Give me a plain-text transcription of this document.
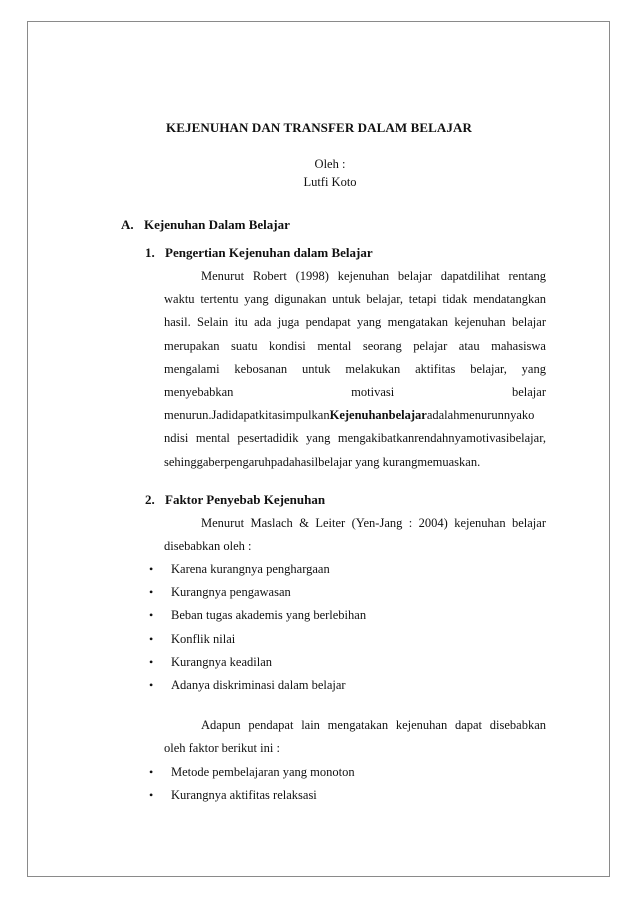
KEJENUHAN DAN TRANSFER DALAM BELAJAR
Oleh :
Lutfi Koto
A. Kejenuhan Dalam Belajar
1. Pengertian Kejenuhan dalam Belajar
Menurut Robert (1998) kejenuhan belajar dapatdilihat rentang
waktu tertentu yang digunakan untuk belajar, tetapi tidak mendatangkan
hasil. Selain itu ada juga pendapat yang mengatakan kejenuhan belajar
merupakan suatu kondisi mental seorang pelajar atau mahasiswa
mengalami kebosanan untuk melakukan aktifitas belajar, yang
menyebabkan motivasi belajar
menurun.JadidapatkitasimpulkanKejenuhanbelajaradalahmenurunnyako
ndisi mental pesertadidik yang mengakibatkanrendahnyamotivasibelajar,
sehinggaberpengaruhpadahasilbelajar yang kurangmemuaskan.
2. Faktor Penyebab Kejenuhan
Menurut Maslach & Leiter (Yen-Jang : 2004) kejenuhan belajar
disebabkan oleh :
•	Karena kurangnya penghargaan
•	Kurangnya pengawasan
•	Beban tugas akademis yang berlebihan
•	Konflik nilai
•	Kurangnya keadilan
•	Adanya diskriminasi dalam belajar
Adapun pendapat lain mengatakan kejenuhan dapat disebabkan
oleh faktor berikut ini :
•	Metode pembelajaran yang monoton
•	Kurangnya aktifitas relaksasi
